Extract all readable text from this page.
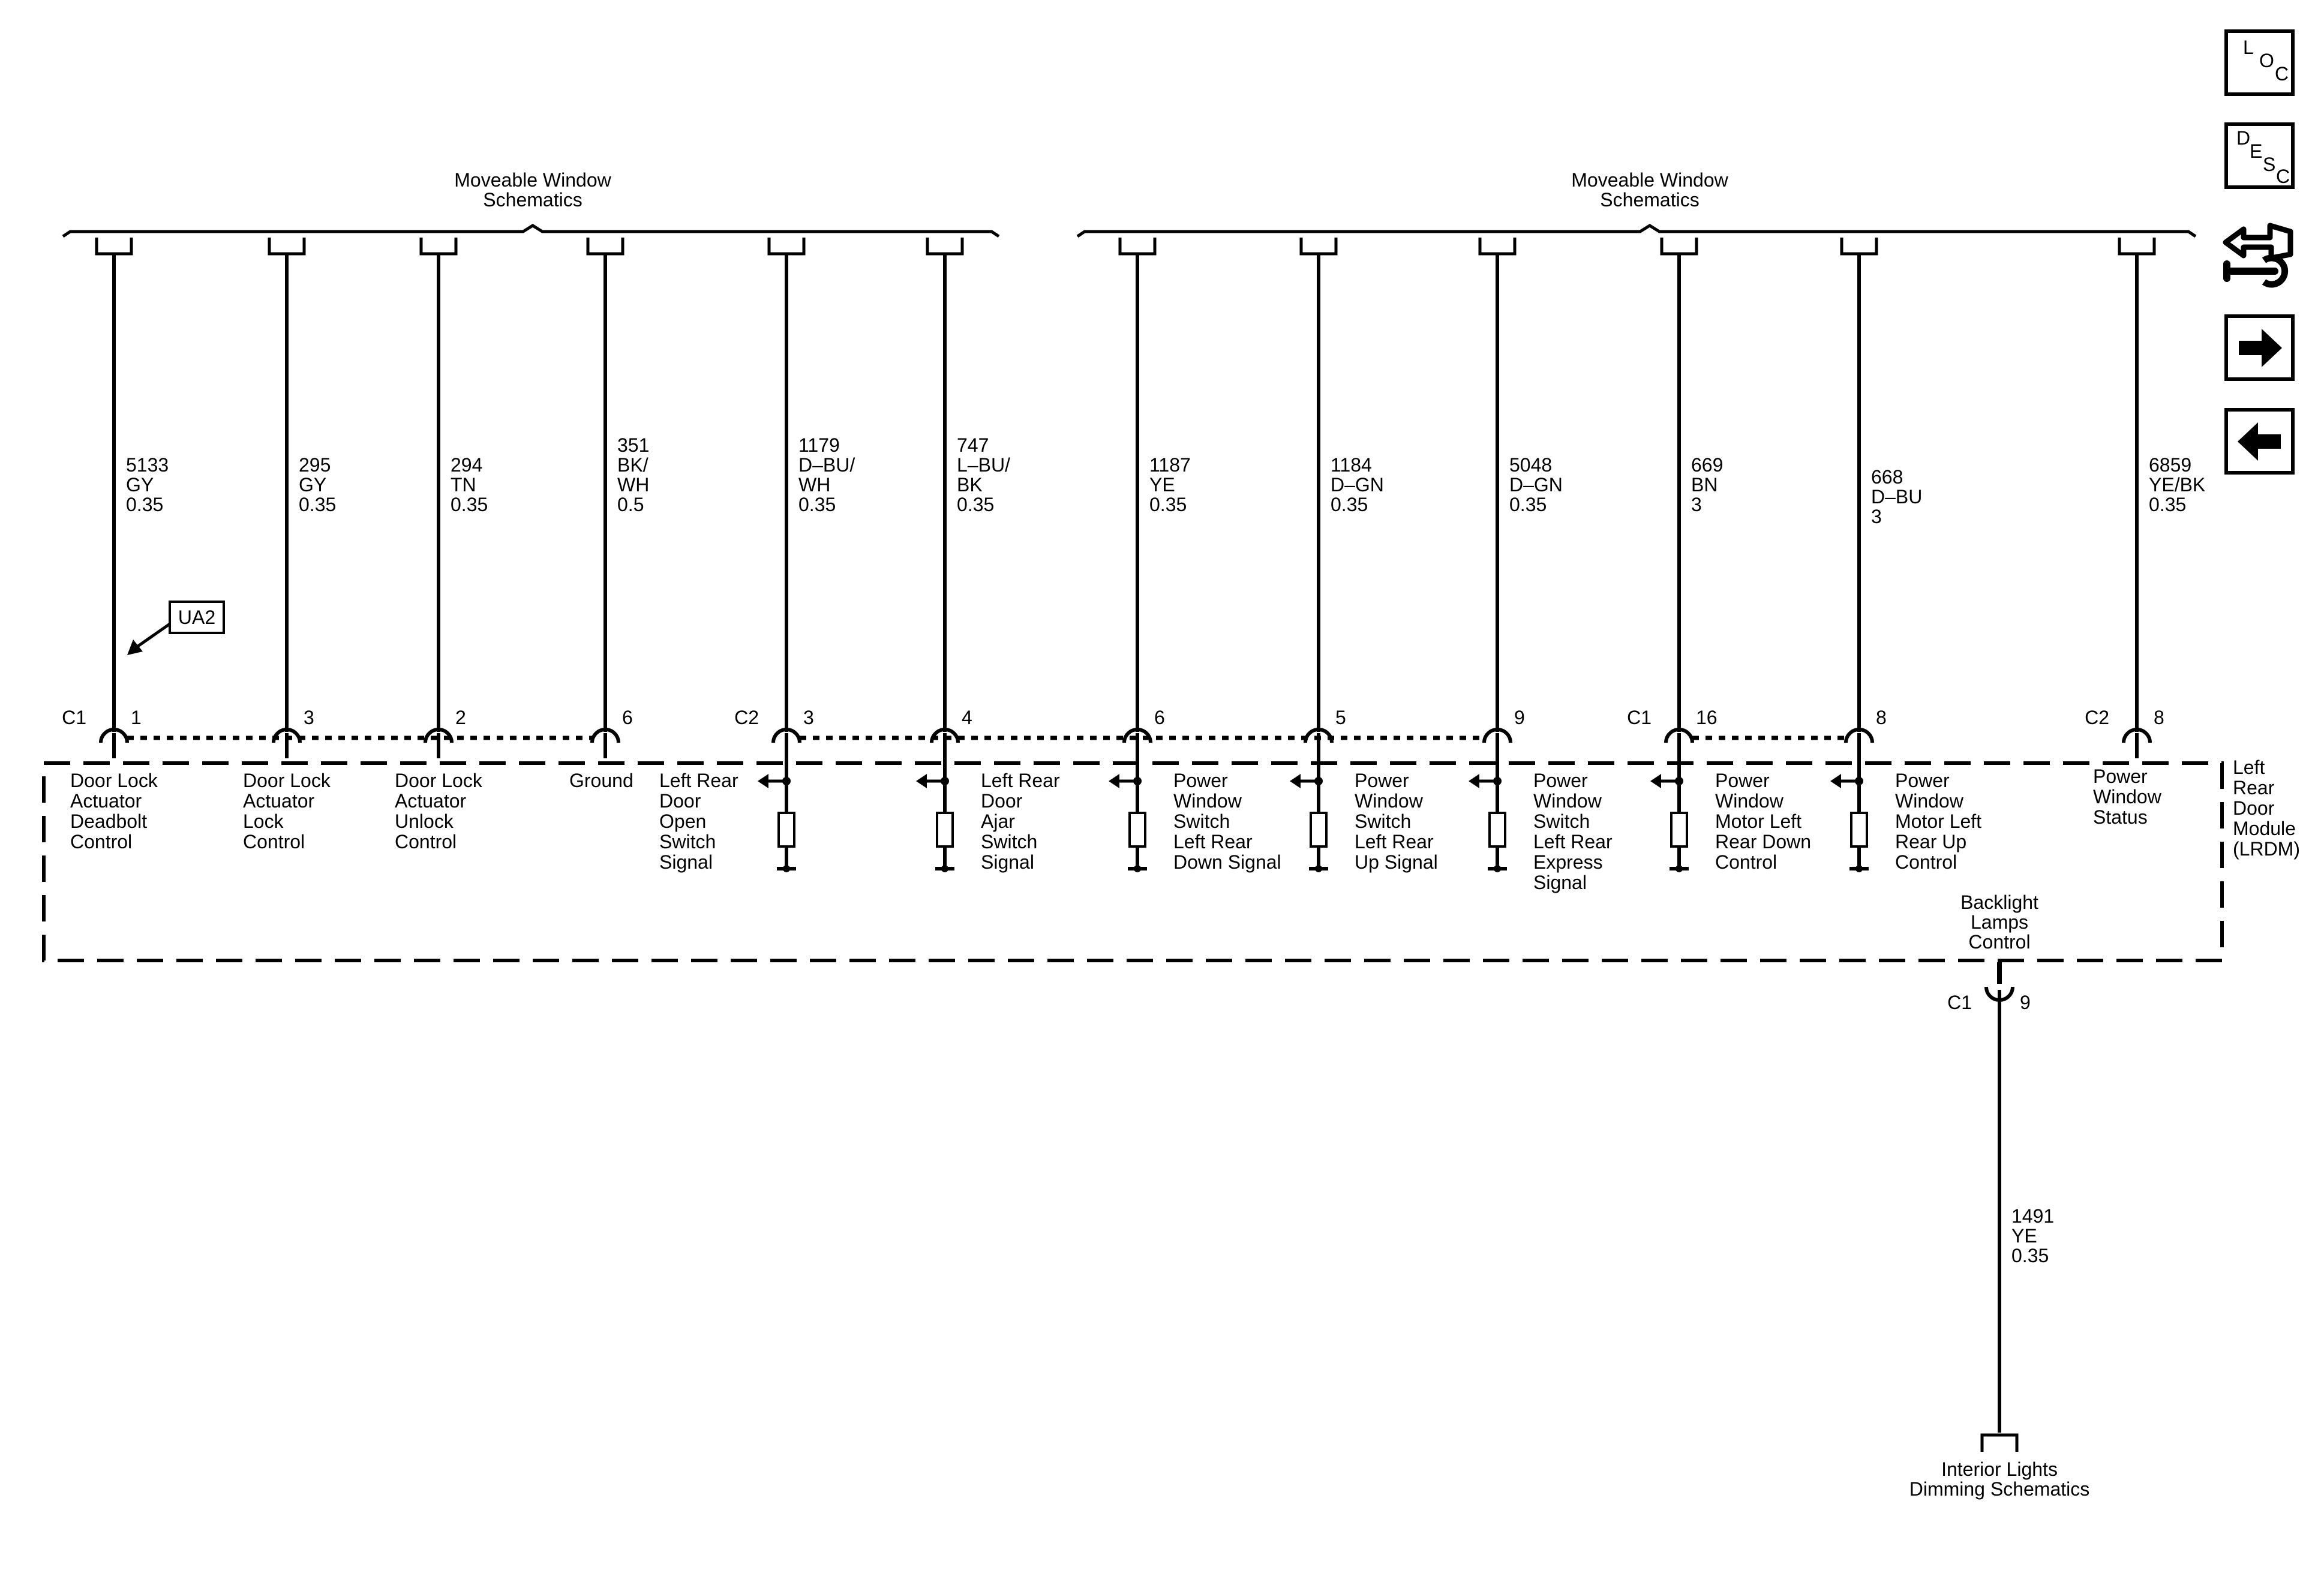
Moveable Window Schematics
Moveable Window Schematics
5133 GY 0.35
1
C1
Door Lock Actuator Deadbolt Control
295 GY 0.35
3
Door Lock Actuator Lock Control
294 TN 0.35
2
Door Lock Actuator Unlock Control
351 BK/ WH 0.5
6
Ground
1179 D–BU/ WH 0.35
3
C2
Left Rear Door Open Switch Signal
747 L–BU/ BK 0.35
4
Left Rear Door Ajar Switch Signal
1187 YE 0.35
6
Power Window Switch Left Rear Down Signal
1184 D–GN 0.35
5
Power Window Switch Left Rear Up Signal
5048 D–GN 0.35
9
Power Window Switch Left Rear Express Signal
669 BN 3
16
C1
Power Window Motor Left Rear Down Control
668 D–BU 3
8
Power Window Motor Left Rear Up Control
6859 YE/BK 0.35
8
C2
Power Window Status
UA2
Left Rear Door Module (LRDM)
Backlight Lamps Control
C1	9
1491 YE 0.35
Interior Lights Dimming Schematics
L
O
C
D
E
S
C
